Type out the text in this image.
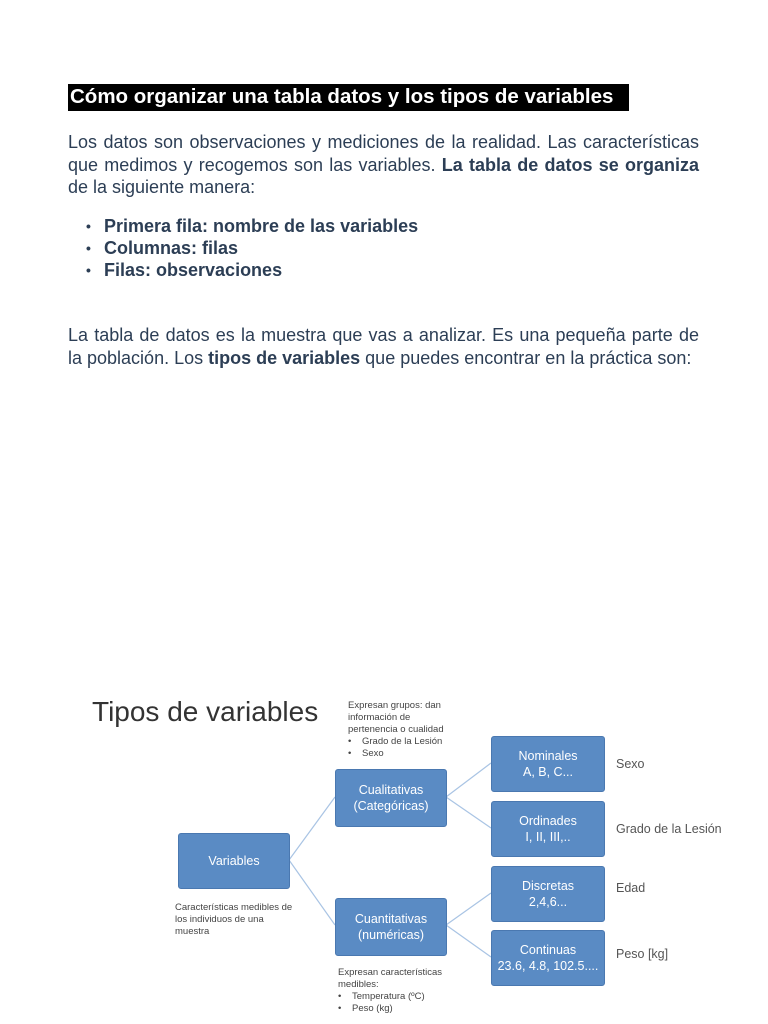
Cómo organizar una tabla datos y los tipos de variables

Los datos son observaciones y mediciones de la realidad. Las características que medimos y recogemos son las variables. La tabla de datos se organiza de la siguiente manera:

• Primera fila: nombre de las variables
• Columnas: filas
• Filas: observaciones

La tabla de datos es la muestra que vas a analizar. Es una pequeña parte de la población. Los tipos de variables que puedes encontrar en la práctica son:

Tipos de variables	Expresan grupos: dan información de pertenencia o cualidad
• Grado de la Lesión
• Sexo
Variables
Características medibles de los individuos de una muestra
Cualitativas
(Categóricas)
Cuantitativas
(numéricas)
Expresan características medibles:
• Temperatura (ºC)
• Peso (kg)
Nominales
A, B, C...
Sexo
Ordinades
I, II, III,..
Grado de la Lesión
Discretas
2,4,6...
Edad
Continuas
23.6, 4.8, 102.5....
Peso [kg]
